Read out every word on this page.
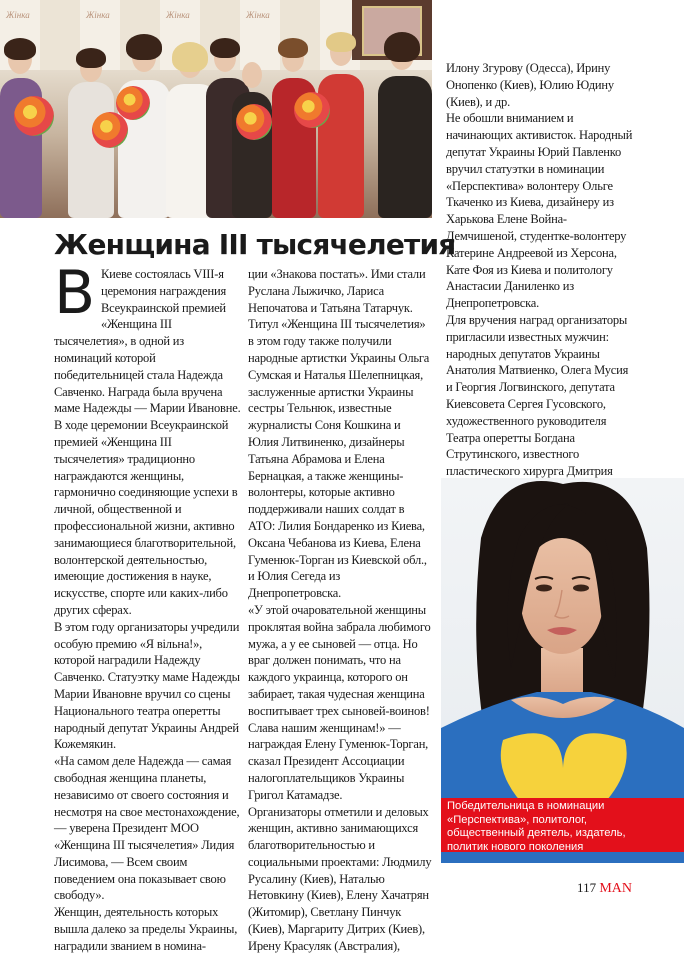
Жінка	Жінка	Жінка	Жінка
Женщина III тысячелетия
В Киеве состоялась VIII-я церемония награждения Всеукраинской премией «Женщина III тысячелетия», в одной из номинаций которой победительницей стала Надежда Савченко. Награда была вручена маме Надежды — Марии Ивановне.

В ходе церемонии Всеукраинской премией «Женщина III тысячелетия» традиционно награждаются женщины, гармонично соединяющие успехи в личной, общественной и профессиональной жизни, активно занимающиеся благотворительной, волонтерской деятельностью, имеющие достижения в науке, искусстве, спорте или каких-либо других сферах.

В этом году организаторы учредили особую премию «Я вільна!», которой наградили Надежду Савченко. Статуэтку маме Надежды Марии Ивановне вручил со сцены Национального театра оперетты народный депутат Украины Андрей Кожемякин.

«На самом деле Надежда — самая свободная женщина планеты, независимо от своего состояния и несмотря на свое местонахождение, — уверена Президент МОО «Женщина III тысячелетия» Лидия Лисимова, — Всем своим поведением она показывает свою свободу».

Женщин, деятельность которых вышла далеко за пределы Украины, наградили званием в номина-

ции «Знакова постать». Ими стали Руслана Лыжичко, Лариса Непочатова и Татьяна Татарчук.

Титул «Женщина III тысячелетия» в этом году также получили народные артистки Украины Ольга Сумская и Наталья Шелепницкая, заслуженные артистки Украины сестры Тельнюк, известные журналисты Соня Кошкина и Юлия Литвиненко, дизайнеры Татьяна Абрамова и Елена Бернацкая, а также женщины-волонтеры, которые активно поддерживали наших солдат в АТО: Лилия Бондаренко из Киева, Оксана Чебанова из Киева, Елена Гуменюк-Торган из Киевской обл., и Юлия Сегеда из Днепропетровска.

«У этой очаровательной женщины проклятая война забрала любимого мужа, а у ее сыновей — отца. Но враг должен понимать, что на каждого украинца, которого он забирает, такая чудесная женщина воспитывает трех сыновей-воинов! Слава нашим женщинам!» — награждая Елену Гуменюк-Торган, сказал Президент Ассоциации налогоплательщиков Украины Григол Катамадзе.

Организаторы отметили и деловых женщин, активно занимающихся благотворительностью и социальными проектами: Людмилу Русалину (Киев), Наталью Нетовкину (Киев), Елену Хачатрян (Житомир), Светлану Пинчук (Киев), Маргариту Дитрих (Киев), Ирену Красуляк (Австралия),

Илону Згурову (Одесса), Ирину Онопенко (Киев), Юлию Юдину (Киев), и др.

Не обошли вниманием и начинающих активисток. Народный депутат Украины Юрий Павленко вручил статуэтки в номинации «Перспектива» волонтеру Ольге Ткаченко из Киева, дизайнеру из Харькова Елене Война-Демчишеной, студентке-волонтеру Катерине Андреевой из Херсона, Кате Фоя из Киева и политологу Анастасии Даниленко из Днепропетровска.

Для вручения наград организаторы пригласили известных мужчин: народных депутатов Украины Анатолия Матвиенко, Олега Мусия и Георгия Логвинского, депутата Киевсовета Сергея Гусовского, художественного руководителя Театра оперетты Богдана Струтинского, известного пластического хирурга Дмитрия

Победительница в номинации

«Перспектива», политолог,

общественный деятель, издатель,

политик нового поколения

117 MAN
